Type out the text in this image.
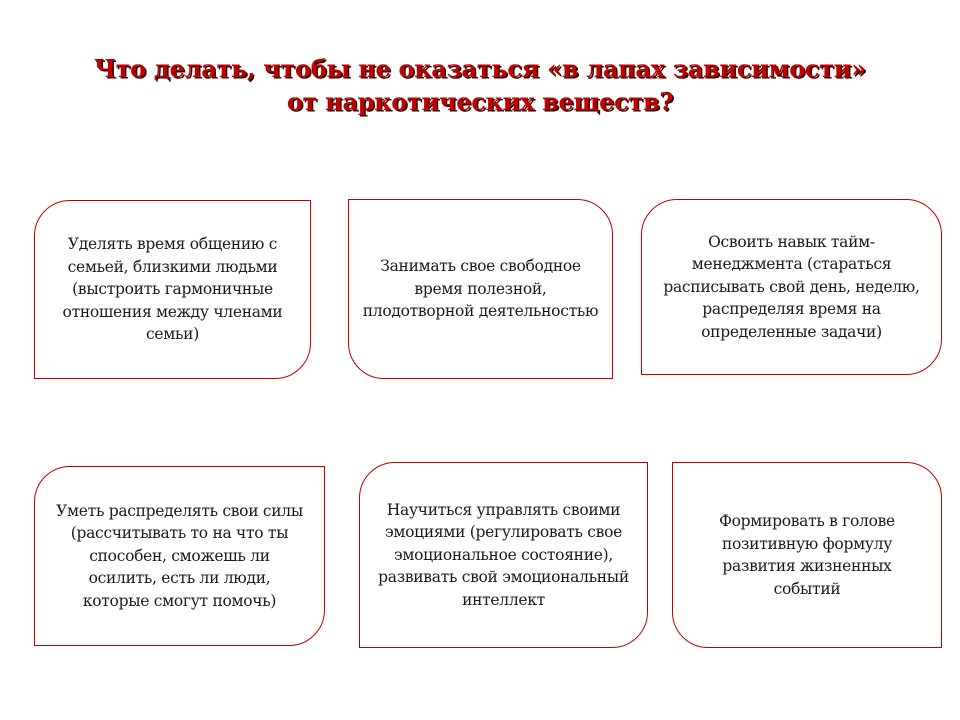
Что делать, чтобы не оказаться «в лапах зависимости»
от наркотических веществ?
Уделять время общению с семьей, близкими людьми (выстроить гармоничные отношения между членами семьи)
Занимать свое свободное время полезной, плодотворной деятельностью
Освоить навык тайм-менеджмента (стараться расписывать свой день, неделю, распределяя время на определенные задачи)
Уметь распределять свои силы (рассчитывать то на что ты способен, сможешь ли осилить, есть ли люди, которые смогут помочь)
Научиться управлять своими эмоциями (регулировать свое эмоциональное состояние), развивать свой эмоциональный интеллект
Формировать в голове позитивную формулу развития жизненных событий
